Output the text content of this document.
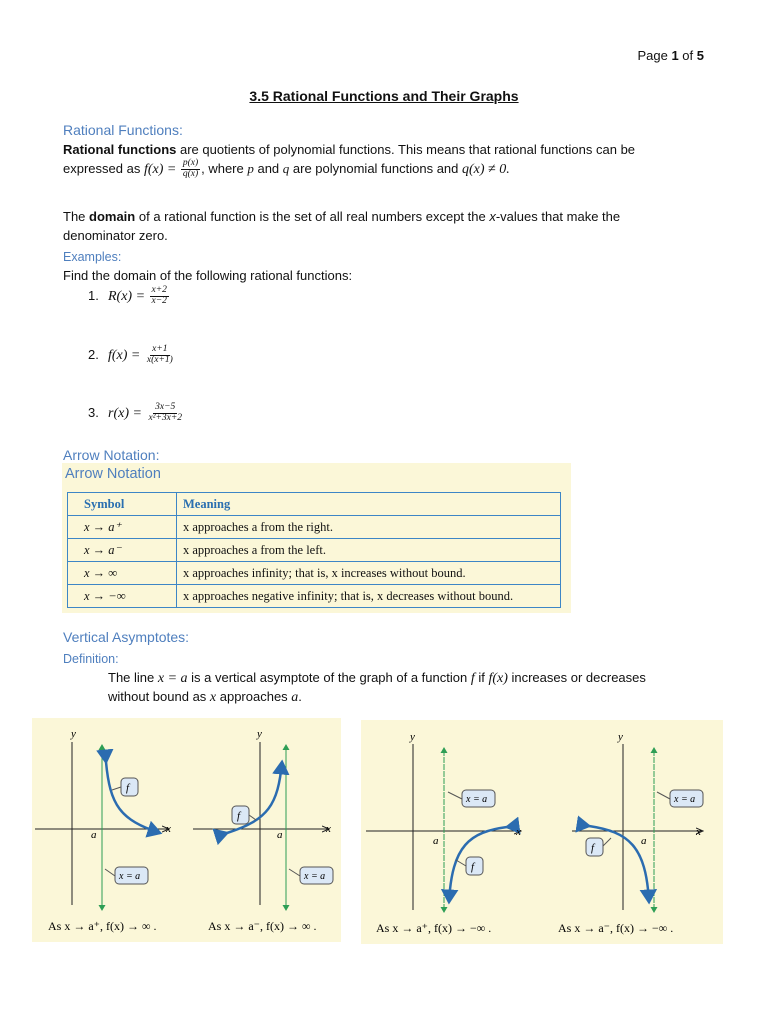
Page 1 of 5
3.5 Rational Functions and Their Graphs
Rational Functions:
Rational functions are quotients of polynomial functions. This means that rational functions can be
expressed as $f(x) = \frac{p(x)}{q(x)}$ , where p and q are polynomial functions and q(x) ≠ 0.
The domain of a rational function is the set of all real numbers except the x-values that make the
denominator zero.
Examples:
Find the domain of the following rational functions:
1. $R(x) = \frac{x+2}{x-2}$
2. $f(x) = \frac{x+1}{x(x+1)}$
3. $r(x) = \frac{3x-5}{\text{x²+3x+2}}$
Arrow Notation:
Arrow Notation
Symbol	Meaning
x → a⁺	x approaches a from the right.
x → a⁻	x approaches a from the left.
x → ∞	x approaches infinity; that is, x increases without bound.
x → −∞	x approaches negative infinity; that is, x decreases without bound.
Vertical Asymptotes:
Definition:
The line x = a is a vertical asymptote of the graph of a function f if f(x) increases or decreases
without bound as x approaches a.
y
x
a
f
x = a
As x → a⁺, f(x) → ∞ .
y
x
a
f
x = a
As x → a⁻, f(x) → ∞ .
y
x
a
x = a
f
As x → a⁺, f(x) → −∞ .
y
x
a
x = a
f
As x → a⁻, f(x) → −∞ .
